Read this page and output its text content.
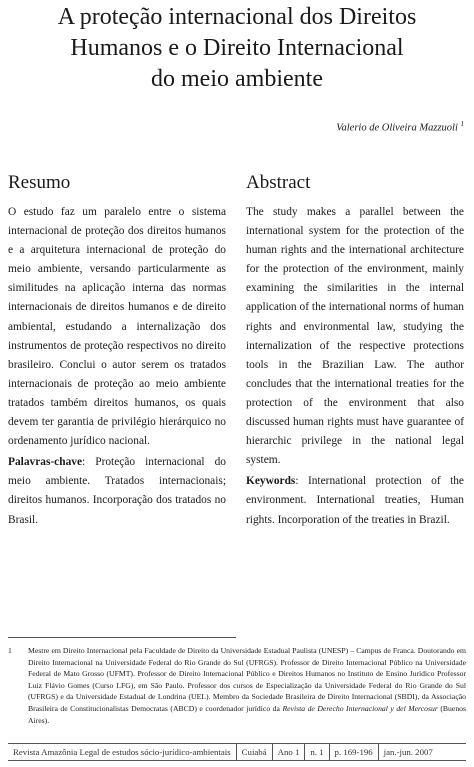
A proteção internacional dos Direitos
Humanos e o Direito Internacional
do meio ambiente
Valerio de Oliveira Mazzuoli $^1$
Resumo	Abstract

O estudo faz um paralelo entre o sistema internacional de proteção dos direitos humanos e a arquitetura internacional de proteção do meio ambiente, versando particularmente as similitudes na aplicação interna das normas internacionais de direitos humanos e de direito ambiental, estudando a internalização dos instrumentos de proteção respectivos no direito brasileiro. Conclui o autor serem os tratados internacionais de proteção ao meio ambiente tratados também direitos humanos, os quais devem ter garantia de privilégio hierárquico no ordenamento jurídico nacional.

Palavras-chave: Proteção internacional do meio ambiente. Tratados internacionais; direitos humanos. Incorporação dos tratados no Brasil.

The study makes a parallel between the international system for the protection of the human rights and the international architecture for the protection of the environment, mainly examining the similarities in the internal application of the international norms of human rights and environmental law, studying the internalization of the respective protections tools in the Brazilian Law. The author concludes that the international treaties for the protection of the environment that also discussed human rights must have guarantee of hierarchic privilege in the national legal system.

Keywords: International protection of the environment. International treaties, Human rights. Incorporation of the treaties in Brazil.

1	Mestre em Direito Internacional pela Faculdade de Direito da Universidade Estadual Paulista (UNESP) – Campus de Franca. Doutorando em Direito Internacional na Universidade Federal do Rio Grande do Sul (UFRGS). Professor de Direito Internacional Público na Universidade Federal de Mato Grosso (UFMT). Professor de Direito Internacional Público e Direitos Humanos no Instituto de Ensino Jurídico Professor Luiz Flávio Gomes (Curso LFG), em São Paulo. Professor dos cursos de Especialização da Universidade Federal do Rio Grande do Sul (UFRGS) e da Universidade Estadual de Londrina (UEL). Membro da Sociedade Brasileira de Direito Internacional (SBDI), da Associação Brasileira de Constitucionalistas Democratas (ABCD) e coordenador jurídico da Revista de Derecho Internacional y del Mercosur (Buenos Aires).
Revista Amazônia Legal de estudos sócio-jurídico-ambientais	Cuiabá	Ano 1	n. 1	p. 169-196	jan.-jun. 2007
